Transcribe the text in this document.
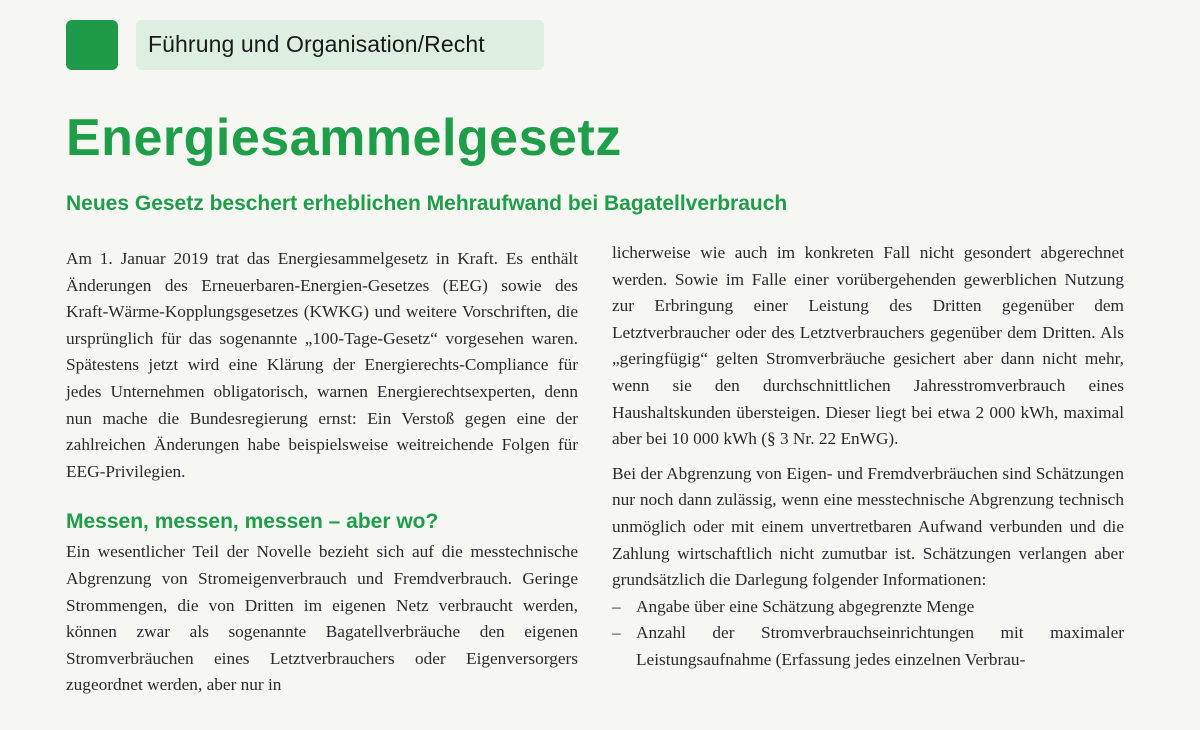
Führung und Organisation/Recht
Energiesammelgesetz
Neues Gesetz beschert erheblichen Mehraufwand bei Bagatellverbrauch

Am 1. Januar 2019 trat das Energiesammelgesetz in Kraft. Es enthält Änderungen des Erneuerbaren-Energien-Gesetzes (EEG) sowie des Kraft-Wärme-Kopplungsgesetzes (KWKG) und weitere Vorschriften, die ursprünglich für das sogenannte „100-Tage-Gesetz“ vorgesehen waren. Spätestens jetzt wird eine Klärung der Energierechts-Compliance für jedes Unternehmen obligatorisch, warnen Energierechtsexperten, denn nun mache die Bundesregierung ernst: Ein Verstoß gegen eine der zahlreichen Änderungen habe beispielsweise weitreichende Folgen für EEG-Privilegien.

Messen, messen, messen – aber wo?

Ein wesentlicher Teil der Novelle bezieht sich auf die messtechnische Abgrenzung von Stromeigenverbrauch und Fremdverbrauch. Geringe Strommengen, die von Dritten im eigenen Netz verbraucht werden, können zwar als sogenannte Bagatellverbräuche den eigenen Stromverbräuchen eines Letztverbrauchers oder Eigenversorgers zugeordnet werden, aber nur in

licherweise wie auch im konkreten Fall nicht gesondert abgerechnet werden. Sowie im Falle einer vorübergehenden gewerblichen Nutzung zur Erbringung einer Leistung des Dritten gegenüber dem Letztverbraucher oder des Letztverbrauchers gegenüber dem Dritten. Als „geringfügig“ gelten Stromverbräuche gesichert aber dann nicht mehr, wenn sie den durchschnittlichen Jahresstromverbrauch eines Haushaltskunden übersteigen. Dieser liegt bei etwa 2 000 kWh, maximal aber bei 10 000 kWh (§ 3 Nr. 22 EnWG).

Bei der Abgrenzung von Eigen- und Fremdverbräuchen sind Schätzungen nur noch dann zulässig, wenn eine messtechnische Abgrenzung technisch unmöglich oder mit einem unvertretbaren Aufwand verbunden und die Zahlung wirtschaftlich nicht zumutbar ist. Schätzungen verlangen aber grundsätzlich die Darlegung folgender Informationen:

– Angabe über eine Schätzung abgegrenzte Menge
– Anzahl der Stromverbrauchseinrichtungen mit maximaler Leistungsaufnahme (Erfassung jedes einzelnen Verbrau-
